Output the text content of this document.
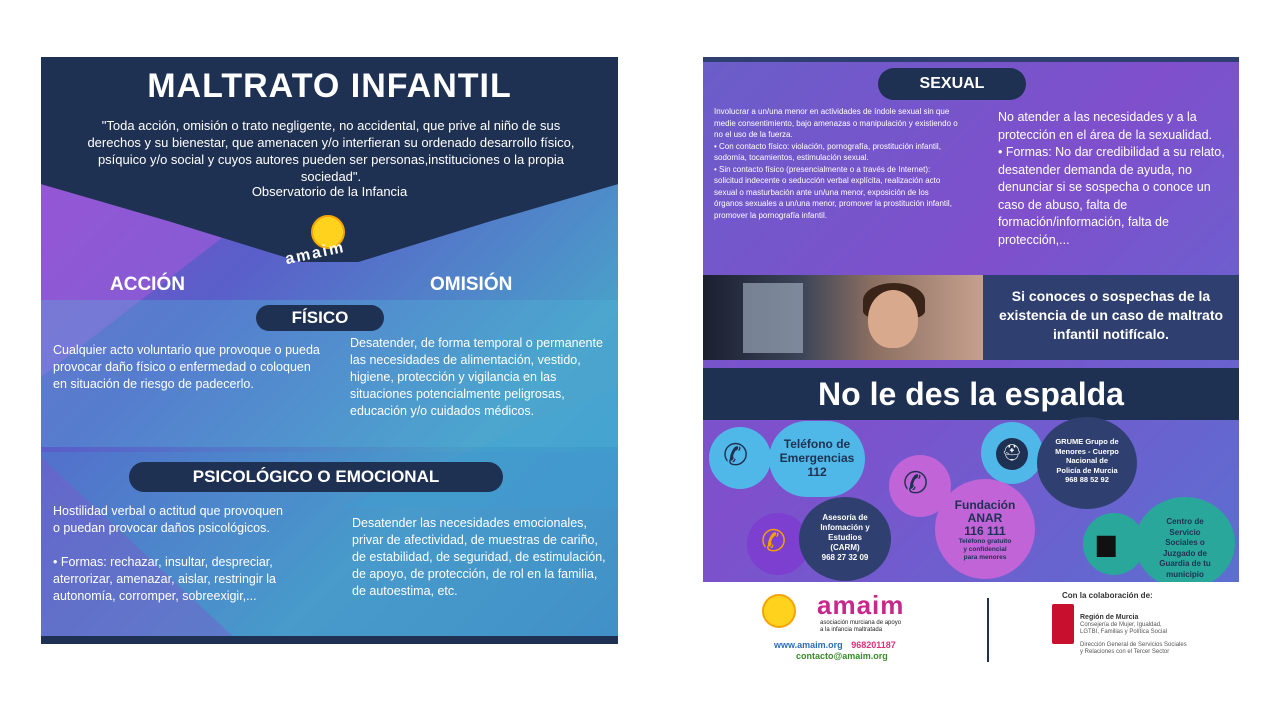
MALTRATO INFANTIL
"Toda acción, omisión o trato negligente, no accidental, que prive al niño de sus derechos y su bienestar, que amenacen y/o interfieran su ordenado desarrollo físico, psíquico y/o social y cuyos autores pueden ser personas,instituciones o la propia sociedad".
Observatorio de la Infancia
amaim
ACCIÓN	OMISIÓN
FÍSICO
Cualquier acto voluntario que provoque o pueda provocar daño físico o enfermedad o coloquen en situación de riesgo de padecerlo.
Desatender, de forma temporal o permanente las necesidades de alimentación, vestido, higiene, protección y vigilancia en las situaciones potencialmente peligrosas, educación y/o cuidados médicos.
PSICOLÓGICO O EMOCIONAL
Hostilidad verbal o actitud que provoquen o puedan provocar daños psicológicos.
• Formas: rechazar, insultar, despreciar, aterrorizar, amenazar, aislar, restringir la autonomía, corromper, sobreexigir,...
Desatender las necesidades emocionales, privar de afectividad, de muestras de cariño, de estabilidad, de seguridad, de estimulación, de apoyo, de protección, de rol en la familia, de autoestima, etc.
SEXUAL
Involucrar a un/una menor en actividades de índole sexual sin que medie consentimiento, bajo amenazas o manipulación y existiendo o no el uso de la fuerza.
• Con contacto físico: violación, pornografía, prostitución infantil, sodomía, tocamientos, estimulación sexual.
• Sin contacto físico (presencialmente o a través de Internet): solicitud indecente o seducción verbal explícita, realización acto sexual o masturbación ante un/una menor, exposición de los órganos sexuales a un/una menor, promover la prostitución infantil, promover la pornografía infantil.
No atender a las necesidades y a la protección en el área de la sexualidad.
• Formas: No dar credibilidad a su relato, desatender demanda de ayuda, no denunciar si se sospecha o conoce un caso de abuso, falta de formación/información, falta de protección,...
Si conoces o sospechas de la existencia de un caso de maltrato infantil notifícalo.
No le des la espalda
✆	Teléfono de
Emergencias
112
⛑
GRUME Grupo de
Menores - Cuerpo
Nacional de
Policía de Murcia
968 88 52 92
✆
Fundación
ANAR
116 111
Teléfono gratuito
y confidencial
para menores
✆
Asesoría de
Infomación y
Estudios
(CARM)
968 27 32 09
▆
Centro de
Servicio
Sociales o
Juzgado de
Guardia de tu
municipio
amaim
asociación murciana de apoyo
a la infancia maltratada
www.amaim.org 968201187
contacto@amaim.org
Con la colaboración de:
Región de Murcia
Consejería de Mujer, Igualdad,
LGTBI, Familias y Política Social
Dirección General de Servicios Sociales
y Relaciones con el Tercer Sector
